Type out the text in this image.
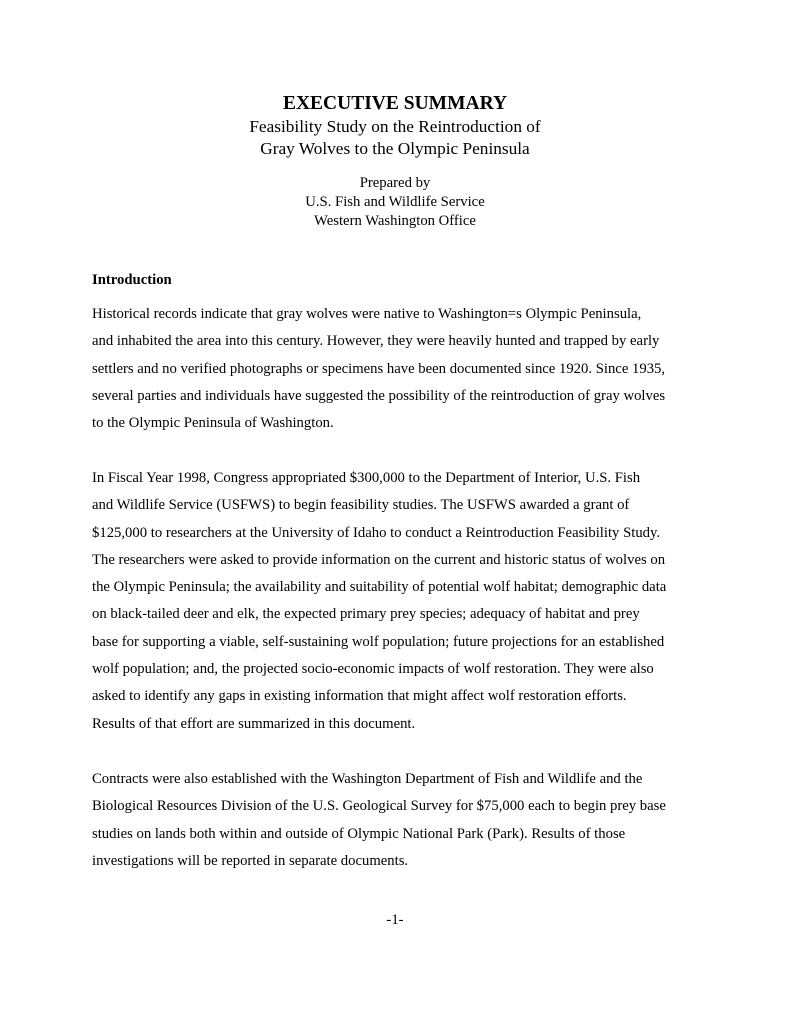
EXECUTIVE SUMMARY

Feasibility Study on the Reintroduction of

Gray Wolves to the Olympic Peninsula

Prepared by
U.S. Fish and Wildlife Service
Western Washington Office
Introduction

Historical records indicate that gray wolves were native to Washington=s Olympic Peninsula,
and inhabited the area into this century. However, they were heavily hunted and trapped by early
settlers and no verified photographs or specimens have been documented since 1920. Since 1935,
several parties and individuals have suggested the possibility of the reintroduction of gray wolves
to the Olympic Peninsula of Washington.

In Fiscal Year 1998, Congress appropriated $300,000 to the Department of Interior, U.S. Fish
and Wildlife Service (USFWS) to begin feasibility studies. The USFWS awarded a grant of
$125,000 to researchers at the University of Idaho to conduct a Reintroduction Feasibility Study.
The researchers were asked to provide information on the current and historic status of wolves on
the Olympic Peninsula; the availability and suitability of potential wolf habitat; demographic data
on black-tailed deer and elk, the expected primary prey species; adequacy of habitat and prey
base for supporting a viable, self-sustaining wolf population; future projections for an established
wolf population; and, the projected socio-economic impacts of wolf restoration. They were also
asked to identify any gaps in existing information that might affect wolf restoration efforts.
Results of that effort are summarized in this document.

Contracts were also established with the Washington Department of Fish and Wildlife and the
Biological Resources Division of the U.S. Geological Survey for $75,000 each to begin prey base
studies on lands both within and outside of Olympic National Park (Park). Results of those
investigations will be reported in separate documents.

-1-
